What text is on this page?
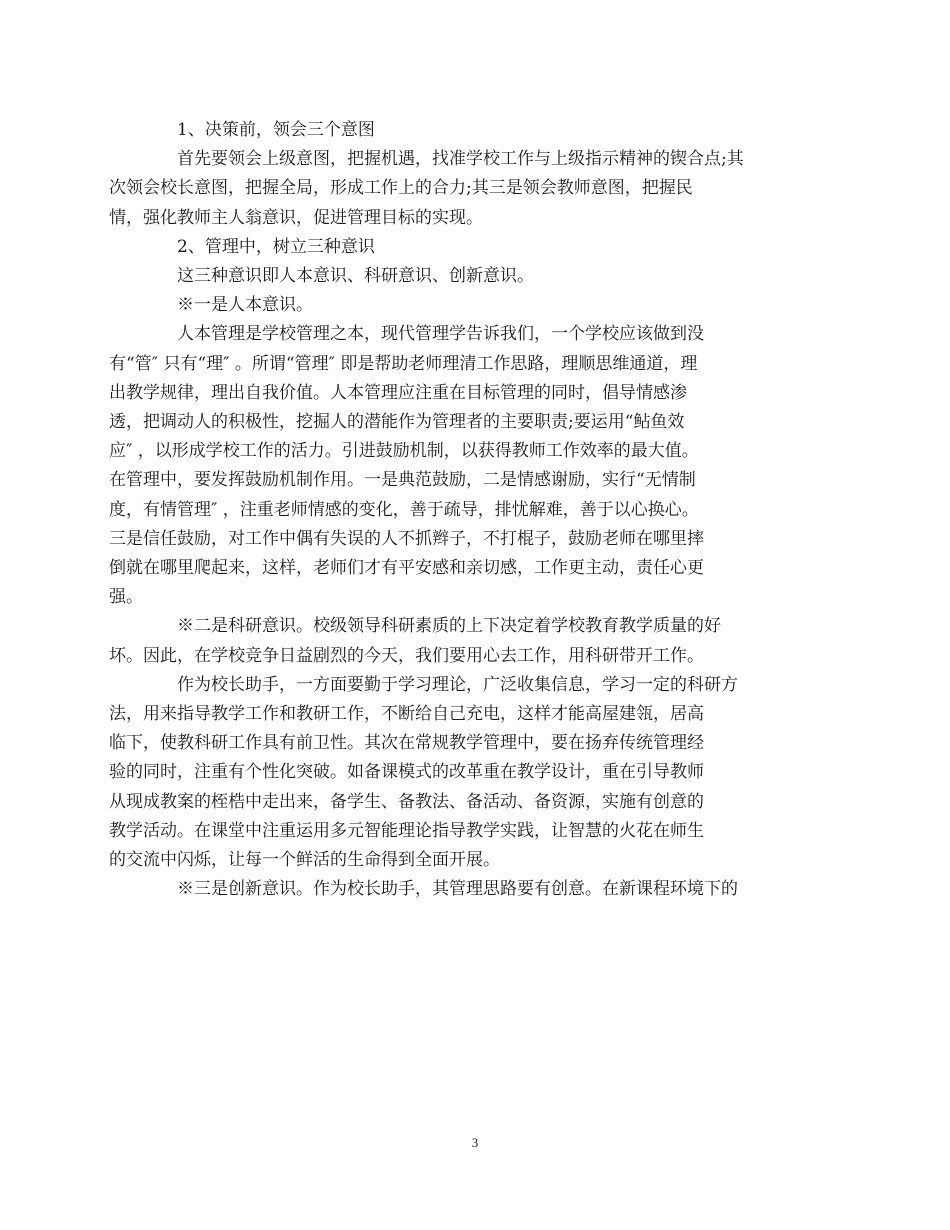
1、决策前，领会三个意图

首先要领会上级意图，把握机遇，找准学校工作与上级指示精神的锲合点;其
次领会校长意图，把握全局，形成工作上的合力;其三是领会教师意图，把握民
情，强化教师主人翁意识，促进管理目标的实现。

2、管理中，树立三种意识

这三种意识即人本意识、科研意识、创新意识。

※一是人本意识。

人本管理是学校管理之本，现代管理学告诉我们，一个学校应该做到没
有“管″ 只有“理″ 。所谓“管理″ 即是帮助老师理清工作思路，理顺思维通道，理
出教学规律，理出自我价值。人本管理应注重在目标管理的同时，倡导情感渗
透，把调动人的积极性，挖掘人的潜能作为管理者的主要职责;要运用“鲇鱼效
应″ ，以形成学校工作的活力。引进鼓励机制，以获得教师工作效率的最大值。
在管理中，要发挥鼓励机制作用。一是典范鼓励，二是情感谢励，实行“无情制
度，有情管理″ ，注重老师情感的变化，善于疏导，排忧解难，善于以心换心。
三是信任鼓励，对工作中偶有失误的人不抓辫子，不打棍子，鼓励老师在哪里摔
倒就在哪里爬起来，这样，老师们才有平安感和亲切感，工作更主动，责任心更
强。

※二是科研意识。校级领导科研素质的上下决定着学校教育教学质量的好
坏。因此，在学校竞争日益剧烈的今天，我们要用心去工作，用科研带开工作。

作为校长助手，一方面要勤于学习理论，广泛收集信息，学习一定的科研方
法，用来指导教学工作和教研工作，不断给自己充电，这样才能高屋建瓴，居高
临下，使教科研工作具有前卫性。其次在常规教学管理中，要在扬弃传统管理经
验的同时，注重有个性化突破。如备课模式的改革重在教学设计，重在引导教师
从现成教案的桎梏中走出来，备学生、备教法、备活动、备资源，实施有创意的
教学活动。在课堂中注重运用多元智能理论指导教学实践，让智慧的火花在师生
的交流中闪烁，让每一个鲜活的生命得到全面开展。

※三是创新意识。作为校长助手，其管理思路要有创意。在新课程环境下的

3
